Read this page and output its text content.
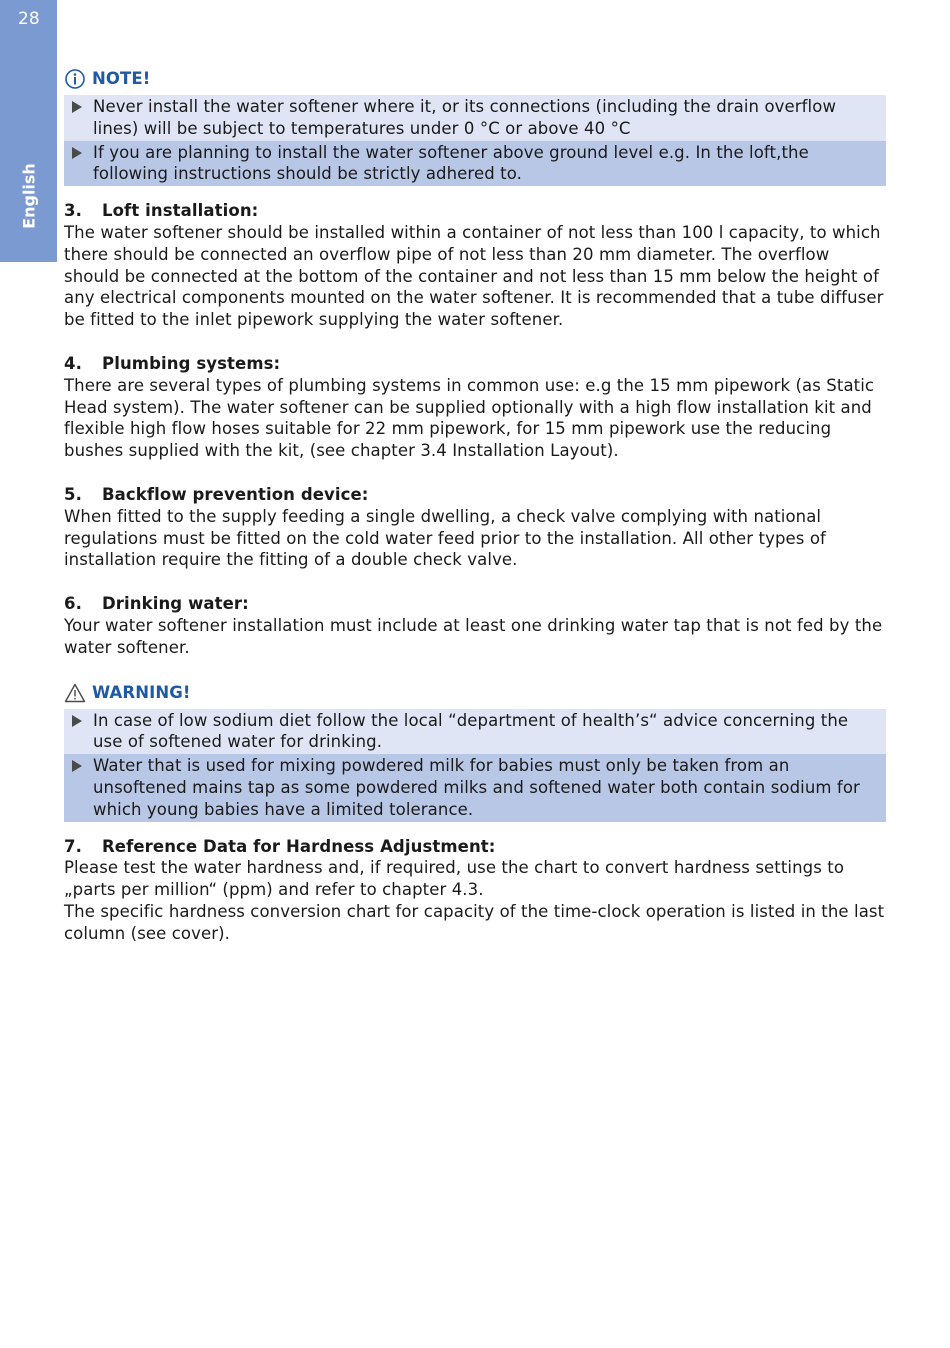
28
English
NOTE!
Never install the water softener where it, or its connections (including the drain overflow lines) will be subject to temperatures under 0 °C or above 40 °C
If you are planning to install the water softener above ground level e.g. In the loft,the following instructions should be strictly adhered to.
3. Loft installation:

The water softener should be installed within a container of not less than 100 l capacity, to which there should be connected an overflow pipe of not less than 20 mm diameter. The overflow should be connected at the bottom of the container and not less than 15 mm below the height of any electrical components mounted on the water softener. It is recommended that a tube diffuser be fitted to the inlet pipework supplying the water softener.

4. Plumbing systems:

There are several types of plumbing systems in common use: e.g the 15 mm pipework (as Static Head system). The water softener can be supplied optionally with a high flow installation kit and flexible high flow hoses suitable for 22 mm pipework, for 15 mm pipework use the reducing bushes supplied with the kit, (see chapter 3.4 Installation Layout).

5. Backflow prevention device:

When fitted to the supply feeding a single dwelling, a check valve complying with national regulations must be fitted on the cold water feed prior to the installation. All other types of installation require the fitting of a double check valve.

6. Drinking water:

Your water softener installation must include at least one drinking water tap that is not fed by the water softener.

WARNING!
In case of low sodium diet follow the local “department of health’s“ advice concerning the use of softened water for drinking.
Water that is used for mixing powdered milk for babies must only be taken from an unsoftened mains tap as some powdered milks and softened water both contain sodium for which young babies have a limited tolerance.
7. Reference Data for Hardness Adjustment:

Please test the water hardness and, if required, use the chart to convert hardness settings to „parts per million“ (ppm) and refer to chapter 4.3.

The specific hardness conversion chart for capacity of the time-clock operation is listed in the last column (see cover).
